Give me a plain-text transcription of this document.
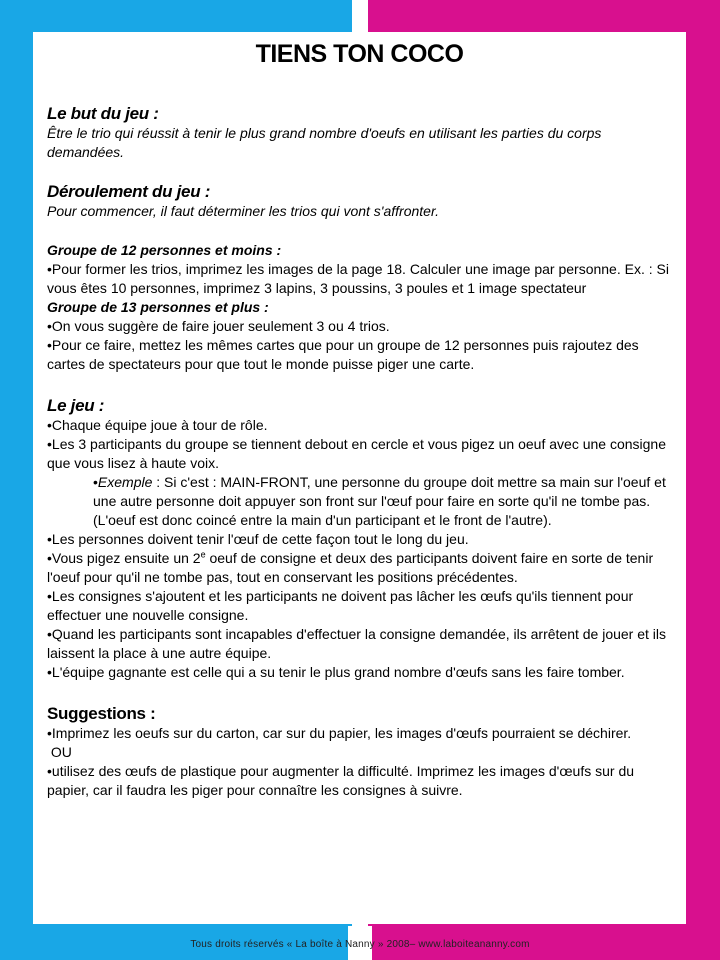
TIENS TON COCO
Le but du jeu :

Être le trio qui réussit à tenir le plus grand nombre d'oeufs en utilisant les parties du corps demandées.

Déroulement du jeu :

Pour commencer, il faut déterminer les trios qui vont s'affronter.

Groupe de 12 personnes et moins :

•Pour former les trios, imprimez les images de la page 18. Calculer une image par personne. Ex. : Si vous êtes 10 personnes, imprimez 3 lapins, 3 poussins, 3 poules et 1 image spectateur

Groupe de 13 personnes et plus :

•On vous suggère de faire jouer seulement 3 ou 4 trios.

•Pour ce faire, mettez les mêmes cartes que pour un groupe de 12 personnes puis rajoutez des cartes de spectateurs pour que tout le monde puisse piger une carte.

Le jeu :

•Chaque équipe joue à tour de rôle.

•Les 3 participants du groupe se tiennent debout en cercle et vous pigez un oeuf avec une consigne que vous lisez à haute voix.

•Exemple : Si c'est : MAIN-FRONT, une personne du groupe doit mettre sa main sur l'oeuf et une autre personne doit appuyer son front sur l'œuf pour faire en sorte qu'il ne tombe pas. (L'oeuf est donc coincé entre la main d'un participant et le front de l'autre).

•Les personnes doivent tenir l'œuf de cette façon tout le long du jeu.

•Vous pigez ensuite un 2e oeuf de consigne et deux des participants doivent faire en sorte de tenir l'oeuf pour qu'il ne tombe pas, tout en conservant les positions précédentes.

•Les consignes s'ajoutent et les participants ne doivent pas lâcher les œufs qu'ils tiennent pour effectuer une nouvelle consigne.

•Quand les participants sont incapables d'effectuer la consigne demandée, ils arrêtent de jouer et ils laissent la place à une autre équipe.

•L'équipe gagnante est celle qui a su tenir le plus grand nombre d'œufs sans les faire tomber.

Suggestions :

•Imprimez les oeufs sur du carton, car sur du papier, les images d'œufs pourraient se déchirer.

OU

•utilisez des œufs de plastique pour augmenter la difficulté. Imprimez les images d'œufs sur du papier, car il faudra les piger pour connaître les consignes à suivre.

Tous droits réservés « La boîte à Nanny » 2008– www.laboiteananny.com
